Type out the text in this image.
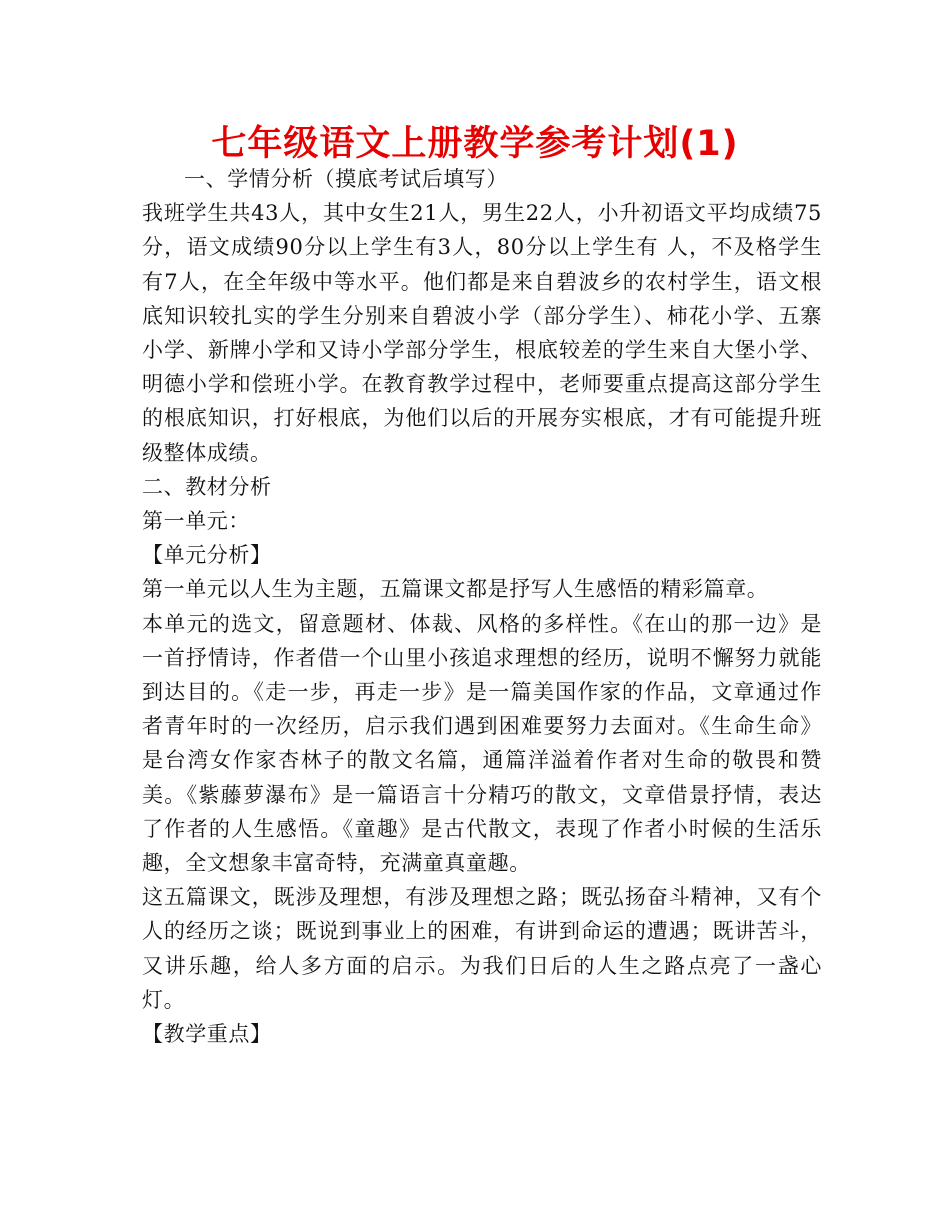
七年级语文上册教学参考计划(1)

一、学情分析（摸底考试后填写）

我班学生共43人，其中女生21人，男生22人，小升初语文平均成绩75分，语文成绩90分以上学生有3人，80分以上学生有 人，不及格学生有7人，在全年级中等水平。他们都是来自碧波乡的农村学生，语文根底知识较扎实的学生分别来自碧波小学（部分学生）、柿花小学、五寨小学、新牌小学和又诗小学部分学生，根底较差的学生来自大堡小学、明德小学和偿班小学。在教育教学过程中，老师要重点提高这部分学生的根底知识，打好根底，为他们以后的开展夯实根底，才有可能提升班级整体成绩。

二、教材分析

第一单元：

【单元分析】

第一单元以人生为主题，五篇课文都是抒写人生感悟的精彩篇章。

本单元的选文，留意题材、体裁、风格的多样性。《在山的那一边》是一首抒情诗，作者借一个山里小孩追求理想的经历，说明不懈努力就能到达目的。《走一步，再走一步》是一篇美国作家的作品，文章通过作者青年时的一次经历，启示我们遇到困难要努力去面对。《生命生命》是台湾女作家杏林子的散文名篇，通篇洋溢着作者对生命的敬畏和赞美。《紫藤萝瀑布》是一篇语言十分精巧的散文，文章借景抒情，表达了作者的人生感悟。《童趣》是古代散文，表现了作者小时候的生活乐趣，全文想象丰富奇特，充满童真童趣。

这五篇课文，既涉及理想，有涉及理想之路；既弘扬奋斗精神，又有个人的经历之谈；既说到事业上的困难，有讲到命运的遭遇；既讲苦斗，又讲乐趣，给人多方面的启示。为我们日后的人生之路点亮了一盏心灯。

【教学重点】
